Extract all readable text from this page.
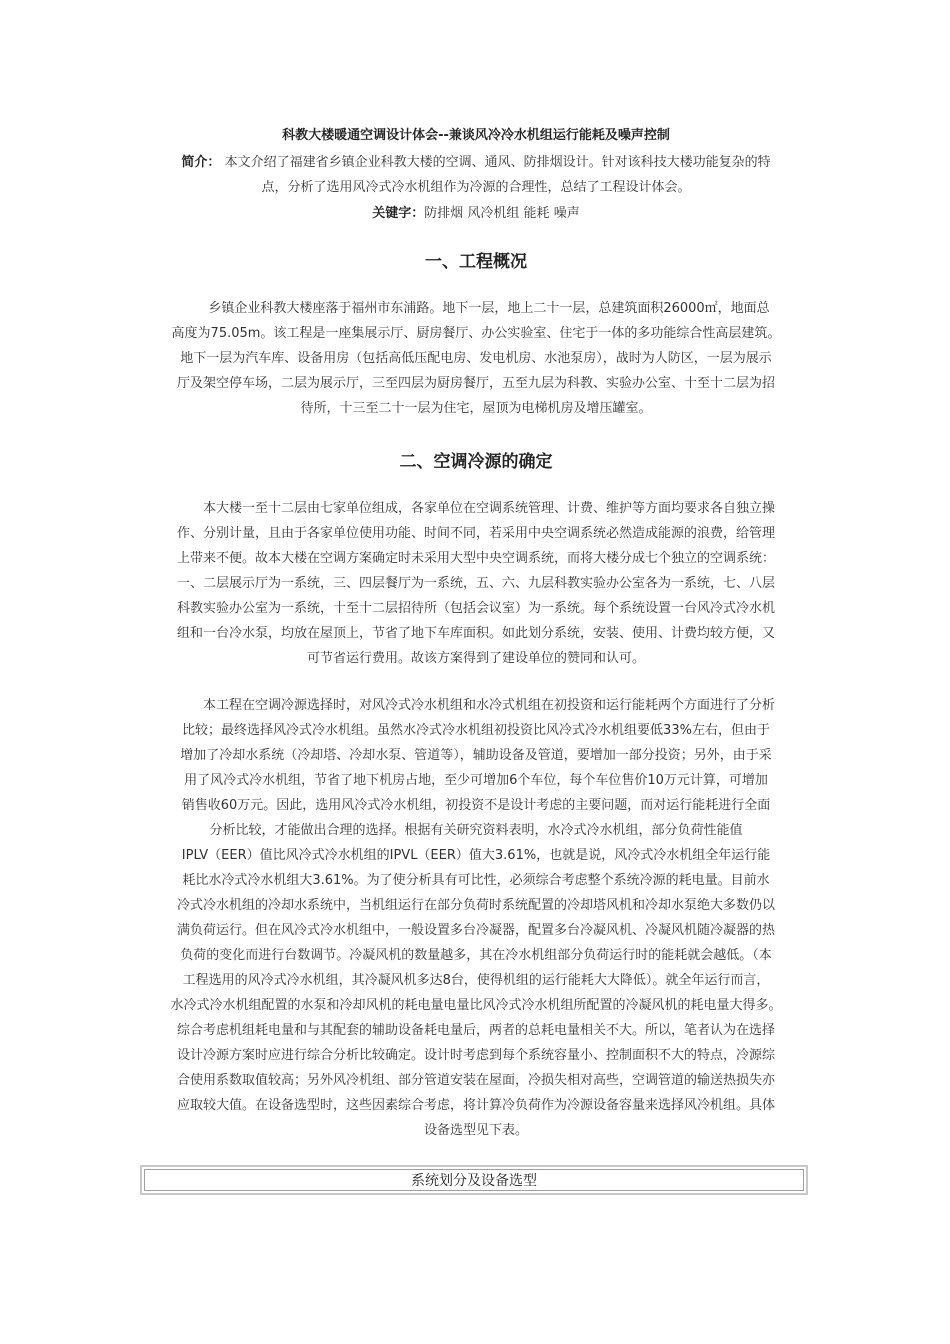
科教大楼暖通空调设计体会--兼谈风冷冷水机组运行能耗及噪声控制
简介： 本文介绍了福建省乡镇企业科教大楼的空调、通风、防排烟设计。针对该科技大楼功能复杂的特
点，分析了选用风冷式冷水机组作为冷源的合理性，总结了工程设计体会。
关键字：防排烟 风冷机组 能耗 噪声
一、工程概况
乡镇企业科教大楼座落于福州市东浦路。地下一层，地上二十一层，总建筑面积26000㎡，地面总
高度为75.05m。该工程是一座集展示厅、厨房餐厅、办公实验室、住宅于一体的多功能综合性高层建筑。
地下一层为汽车库、设备用房（包括高低压配电房、发电机房、水池泵房），战时为人防区，一层为展示
厅及架空停车场，二层为展示厅，三至四层为厨房餐厅，五至九层为科教、实验办公室、十至十二层为招
待所，十三至二十一层为住宅，屋顶为电梯机房及增压罐室。
二、空调冷源的确定
本大楼一至十二层由七家单位组成，各家单位在空调系统管理、计费、维护等方面均要求各自独立操
作、分别计量，且由于各家单位使用功能、时间不同，若采用中央空调系统必然造成能源的浪费，给管理
上带来不便。故本大楼在空调方案确定时未采用大型中央空调系统，而将大楼分成七个独立的空调系统：
一、二层展示厅为一系统，三、四层餐厅为一系统，五、六、九层科教实验办公室各为一系统，七、八层
科教实验办公室为一系统，十至十二层招待所（包括会议室）为一系统。每个系统设置一台风冷式冷水机
组和一台冷水泵，均放在屋顶上，节省了地下车库面积。如此划分系统，安装、使用、计费均较方便，又
可节省运行费用。故该方案得到了建设单位的赞同和认可。
本工程在空调冷源选择时，对风冷式冷水机组和水冷式机组在初投资和运行能耗两个方面进行了分析
比较；最终选择风冷式冷水机组。虽然水冷式冷水机组初投资比风冷式冷水机组要低33%左右，但由于
增加了冷却水系统（冷却塔、冷却水泵、管道等），辅助设备及管道，要增加一部分投资；另外，由于采
用了风冷式冷水机组，节省了地下机房占地，至少可增加6个车位，每个车位售价10万元计算，可增加
销售收60万元。因此，选用风冷式冷水机组，初投资不是设计考虑的主要问题，而对运行能耗进行全面
分析比较，才能做出合理的选择。根据有关研究资料表明，水冷式冷水机组，部分负荷性能值
IPLV（EER）值比风冷式冷水机组的IPVL（EER）值大3.61%，也就是说，风冷式冷水机组全年运行能
耗比水冷式冷水机组大3.61%。为了使分析具有可比性，必须综合考虑整个系统冷源的耗电量。目前水
冷式冷水机组的冷却水系统中，当机组运行在部分负荷时系统配置的冷却塔风机和冷却水泵绝大多数仍以
满负荷运行。但在风冷式冷水机组中，一般设置多台冷凝器，配置多台冷凝风机、冷凝风机随冷凝器的热
负荷的变化而进行台数调节。冷凝风机的数量越多，其在冷水机组部分负荷运行时的能耗就会越低。（本
工程选用的风冷式冷水机组，其冷凝风机多达8台，使得机组的运行能耗大大降低）。就全年运行而言，
水冷式冷水机组配置的水泵和冷却风机的耗电量电量比风冷式冷水机组所配置的冷凝风机的耗电量大得多。
综合考虑机组耗电量和与其配套的辅助设备耗电量后，两者的总耗电量相关不大。所以，笔者认为在选择
设计冷源方案时应进行综合分析比较确定。设计时考虑到每个系统容量小、控制面积不大的特点，冷源综
合使用系数取值较高；另外风冷机组、部分管道安装在屋面，冷损失相对高些，空调管道的输送热损失亦
应取较大值。在设备选型时，这些因素综合考虑，将计算冷负荷作为冷源设备容量来选择风冷机组。具体
设备选型见下表。
系统划分及设备选型
